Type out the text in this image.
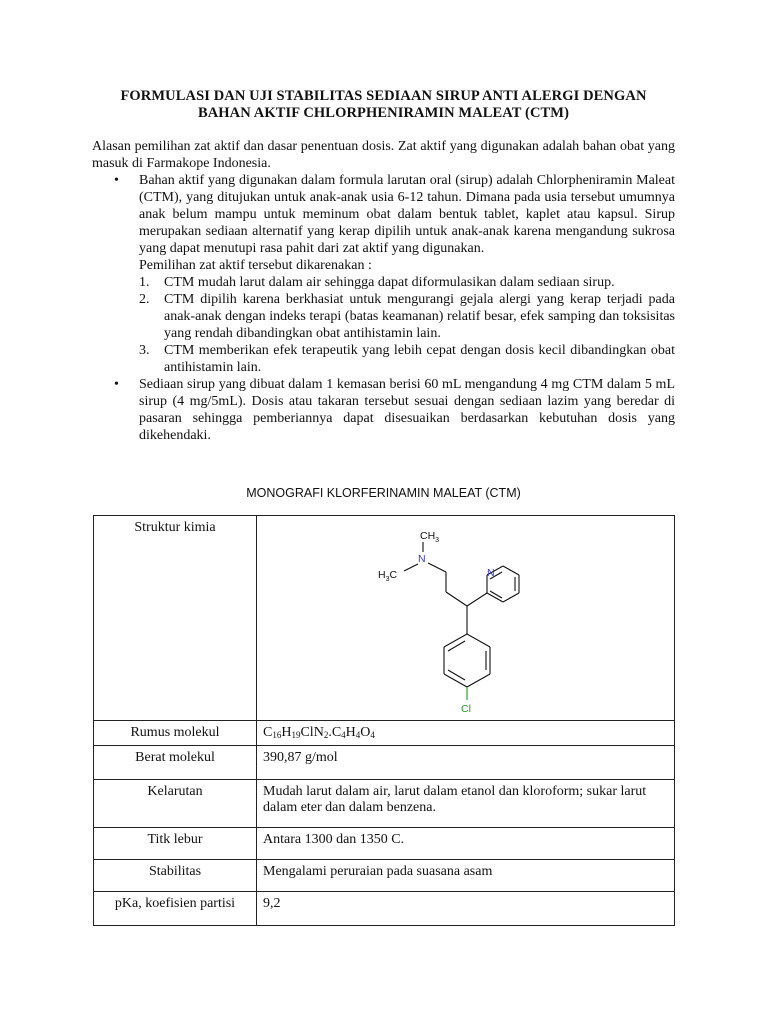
FORMULASI DAN UJI STABILITAS SEDIAAN SIRUP ANTI ALERGI DENGAN
BAHAN AKTIF CHLORPHENIRAMIN MALEAT (CTM)
Alasan pemilihan zat aktif dan dasar penentuan dosis. Zat aktif yang digunakan adalah bahan obat yang masuk di Farmakope Indonesia.
• Bahan aktif yang digunakan dalam formula larutan oral (sirup) adalah Chlorpheniramin Maleat (CTM), yang ditujukan untuk anak-anak usia 6-12 tahun. Dimana pada usia tersebut umumnya anak belum mampu untuk meminum obat dalam bentuk tablet, kaplet atau kapsul. Sirup merupakan sediaan alternatif yang kerap dipilih untuk anak-anak karena mengandung sukrosa yang dapat menutupi rasa pahit dari zat aktif yang digunakan.
Pemilihan zat aktif tersebut dikarenakan :
1. CTM mudah larut dalam air sehingga dapat diformulasikan dalam sediaan sirup.
2. CTM dipilih karena berkhasiat untuk mengurangi gejala alergi yang kerap terjadi pada anak-anak dengan indeks terapi (batas keamanan) relatif besar, efek samping dan toksisitas yang rendah dibandingkan obat antihistamin lain.
3. CTM memberikan efek terapeutik yang lebih cepat dengan dosis kecil dibandingkan obat antihistamin lain.
• Sediaan sirup yang dibuat dalam 1 kemasan berisi 60 mL mengandung 4 mg CTM dalam 5 mL sirup (4 mg/5mL). Dosis atau takaran tersebut sesuai dengan sediaan lazim yang beredar di pasaran sehingga pemberiannya dapat disesuaikan berdasarkan kebutuhan dosis yang dikehendaki.
MONOGRAFI KLORFERINAMIN MALEAT (CTM)
Struktur kimia	N
$CH_3$
$H_3C$ N
Cl

Rumus molekul	$C_{16}H_{19}ClN_2.C_4H_4O_4$
Berat molekul	390,87 g/mol
Kelarutan	Mudah larut dalam air, larut dalam etanol dan kloroform; sukar larut dalam eter dan dalam benzena.
Titk lebur	Antara 1300 dan 1350 C.
Stabilitas	Mengalami peruraian pada suasana asam
pKa, koefisien partisi	9,2
